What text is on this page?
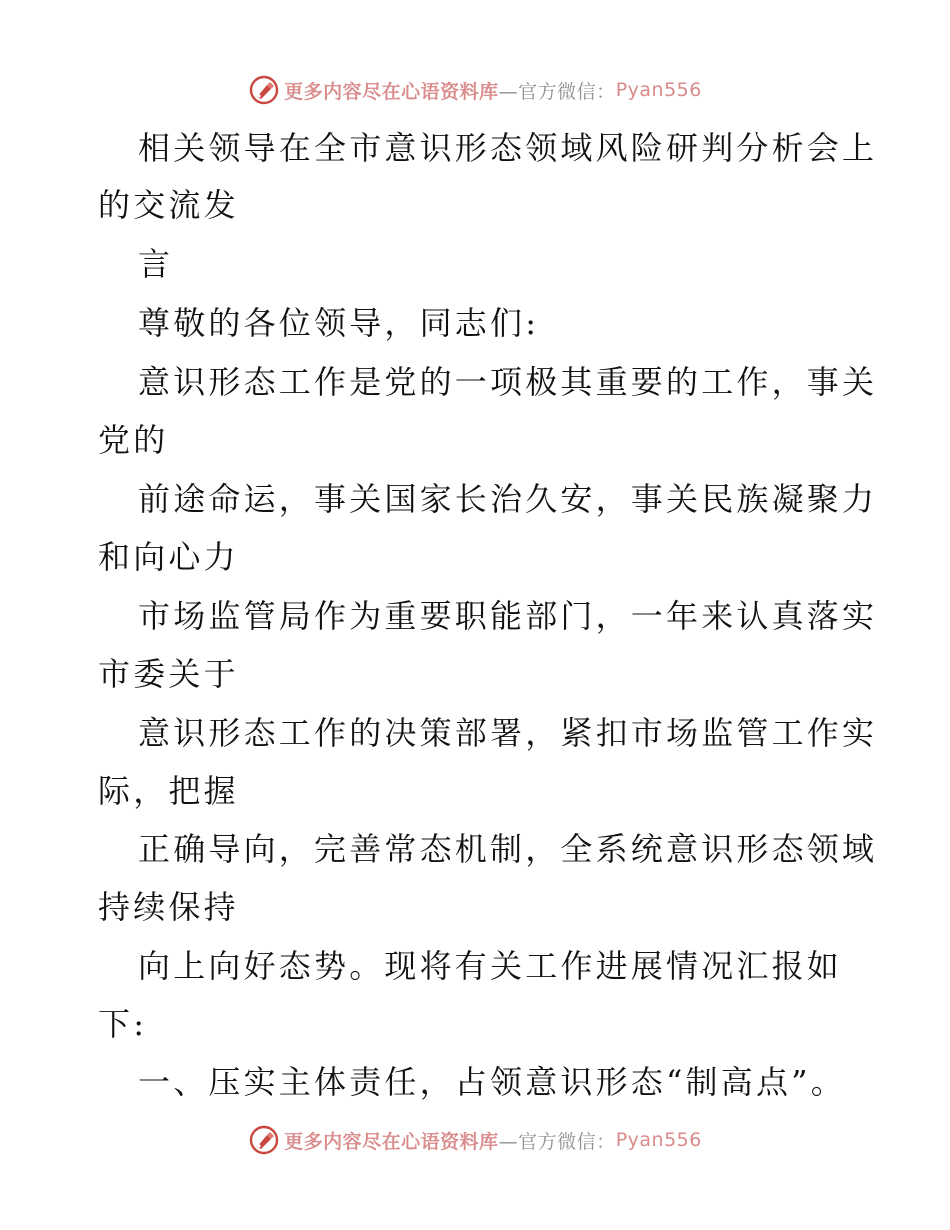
更多内容尽在心语资料库 —官方微信： Pyan556
相关领导在全市意识形态领域风险研判分析会上
的交流发
言
尊敬的各位领导，同志们:
意识形态工作是党的一项极其重要的工作，事关
党的
前途命运，事关国家长治久安，事关民族凝聚力
和向心力
市场监管局作为重要职能部门，一年来认真落实
市委关于
意识形态工作的决策部署，紧扣市场监管工作实
际，把握
正确导向，完善常态机制，全系统意识形态领域
持续保持
向上向好态势。现将有关工作进展情况汇报如
下:
一、压实主体责任，占领意识形态“制高点”。
更多内容尽在心语资料库 —官方微信： Pyan556
